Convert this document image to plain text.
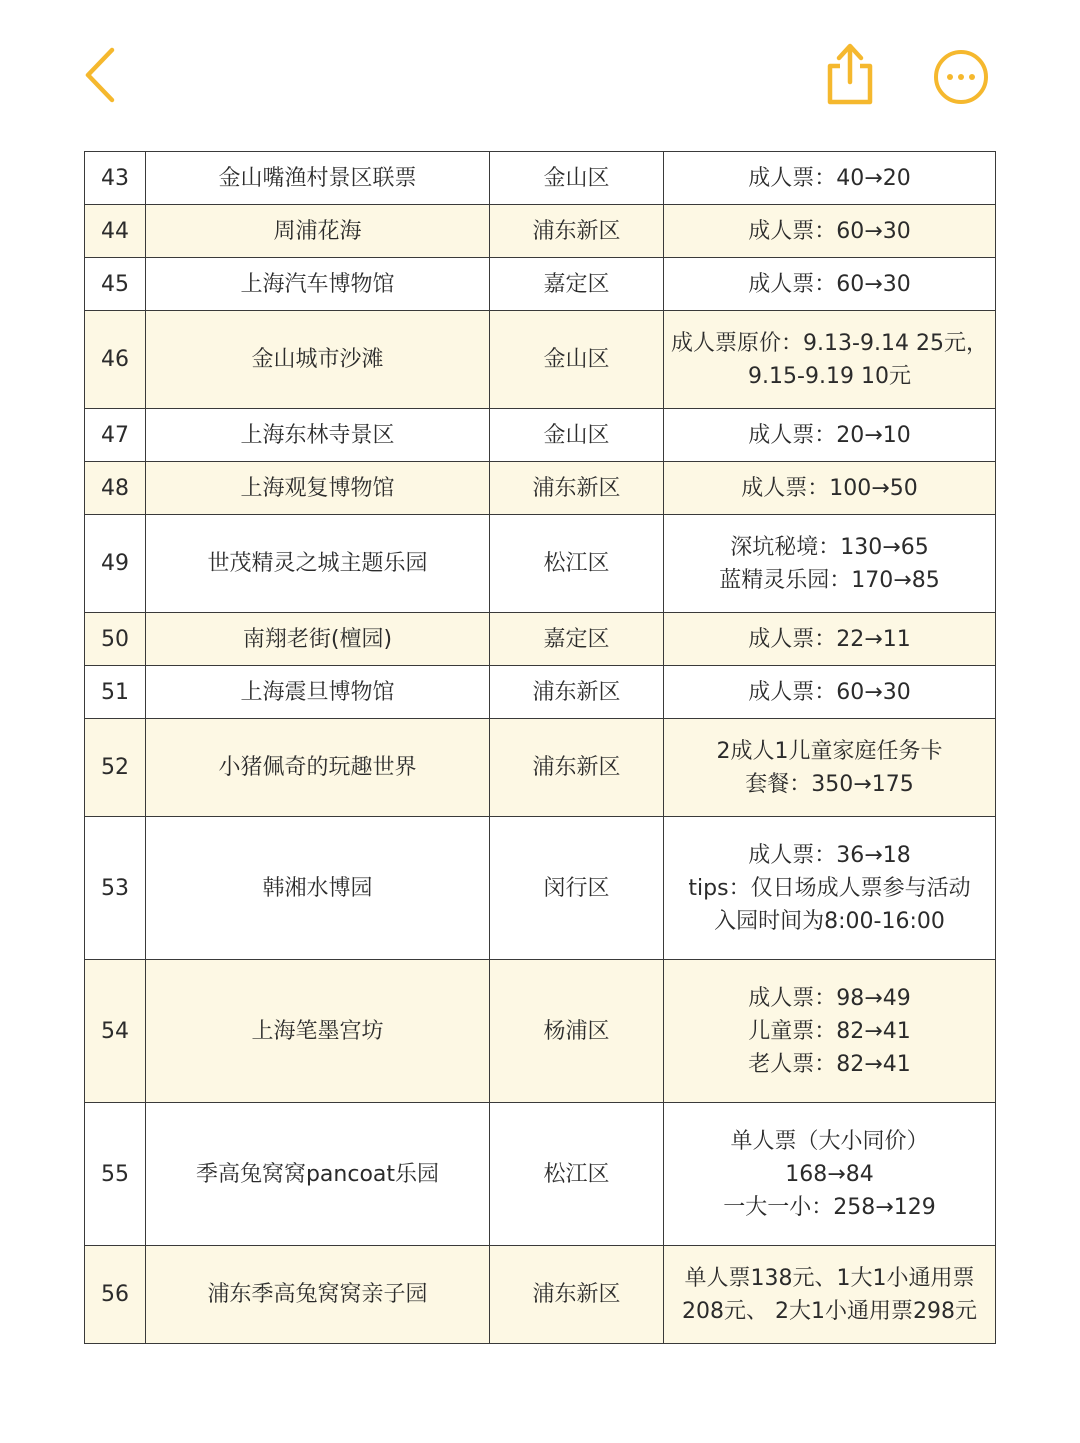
43	金山嘴渔村景区联票	金山区	成人票：40→20

44	周浦花海	浦东新区	成人票：60→30

45	上海汽车博物馆	嘉定区	成人票：60→30

46	金山城市沙滩	金山区	成人票原价：9.13-9.14 25元，
9.15-9.19 10元

47	上海东林寺景区	金山区	成人票：20→10

48	上海观复博物馆	浦东新区	成人票：100→50

49	世茂精灵之城主题乐园	松江区	深坑秘境：130→65
蓝精灵乐园：170→85

50	南翔老街(檀园)	嘉定区	成人票：22→11

51	上海震旦博物馆	浦东新区	成人票：60→30

52	小猪佩奇的玩趣世界	浦东新区	2成人1儿童家庭任务卡
套餐：350→175

53	韩湘水博园	闵行区	成人票：36→18
tips：仅日场成人票参与活动
入园时间为8:00-16:00

54	上海笔墨宫坊	杨浦区	成人票：98→49
儿童票：82→41
老人票：82→41

55	季高兔窝窝pancoat乐园	松江区	单人票（大小同价）
168→84
一大一小：258→129

56	浦东季高兔窝窝亲子园	浦东新区	单人票138元、1大1小通用票
208元、 2大1小通用票298元
